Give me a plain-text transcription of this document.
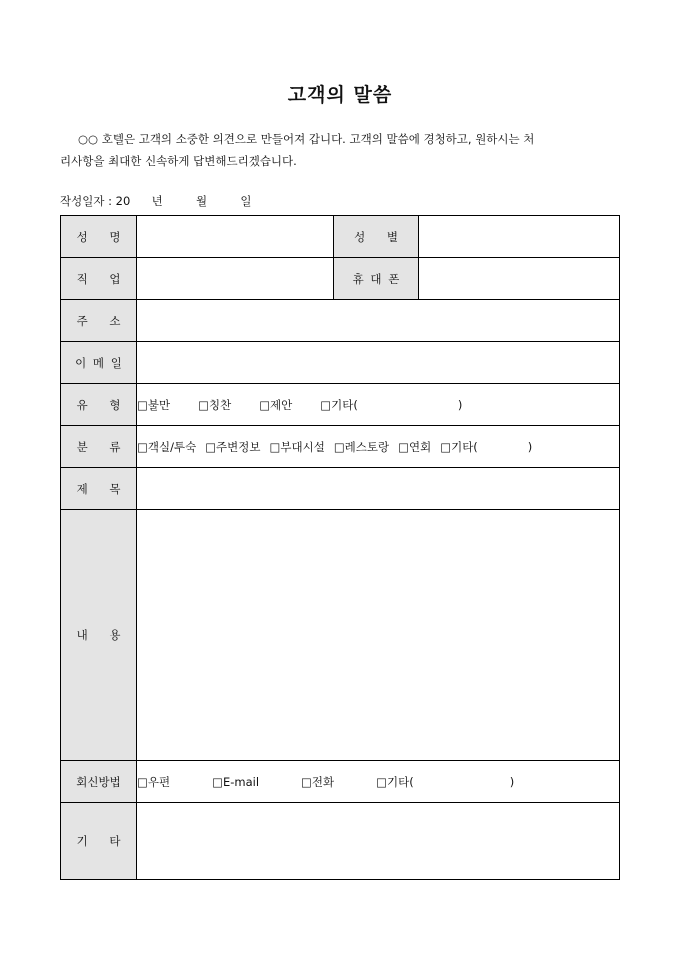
고객의 말씀
○○ 호텔은 고객의 소중한 의견으로 만들어져 갑니다. 고객의 말씀에 경청하고, 원하시는 처
리사항을 최대한 신속하게 답변해드리겠습니다.
작성일자 : 20 년	월	일
성 명		성 별	
직 업		휴 대 폰	
주 소			
이 메 일			
유 형	□불만 □칭찬 □제안 □기타( )		
분 류	□객실/투숙 □주변정보 □부대시설 □레스토랑 □연회 □기타( )		
제 목			
내 용			
회신방법	□우편 □E-mail □전화 □기타( )		
기 타			
